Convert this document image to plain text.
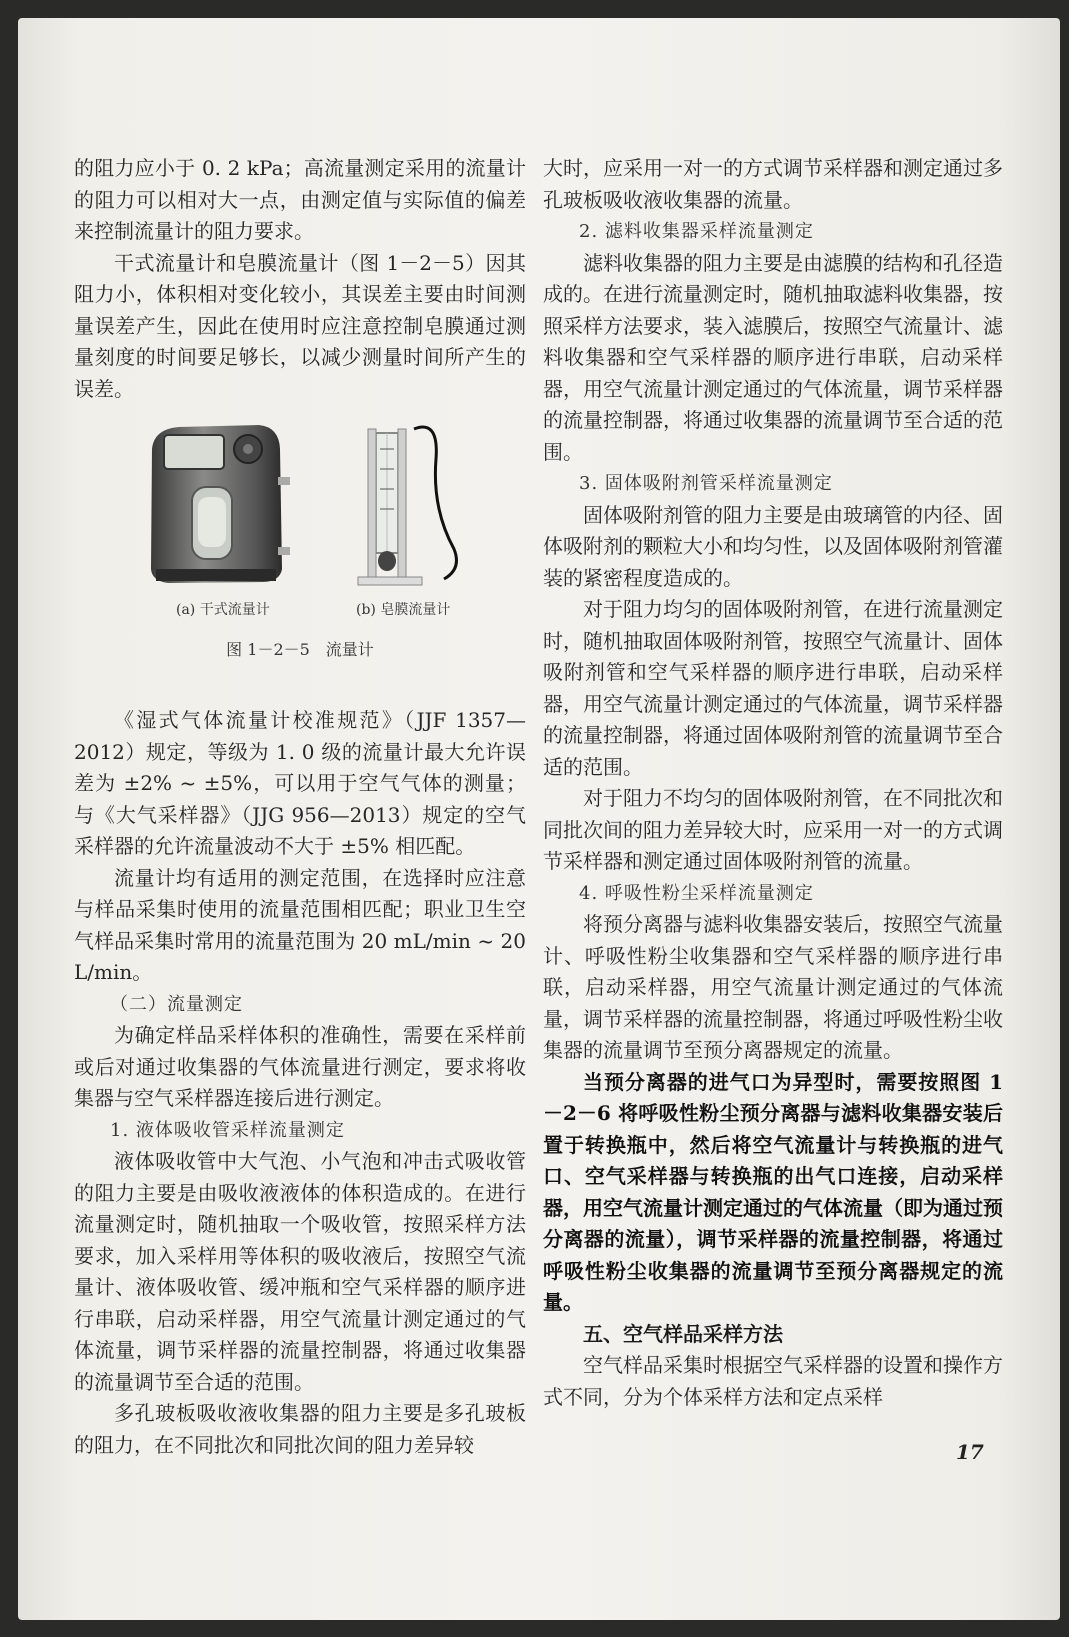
的阻力应小于 0. 2 kPa；高流量测定采用的流量计的阻力可以相对大一点，由测定值与实际值的偏差来控制流量计的阻力要求。

干式流量计和皂膜流量计（图 1－2－5）因其阻力小，体积相对变化较小，其误差主要由时间测量误差产生，因此在使用时应注意控制皂膜通过测量刻度的时间要足够长，以减少测量时间所产生的误差。

(a) 干式流量计	(b) 皂膜流量计
图 1－2－5　流量计

《湿式气体流量计校准规范》（JJF 1357—2012）规定，等级为 1. 0 级的流量计最大允许误差为 ±2% ~ ±5%，可以用于空气气体的测量；与《大气采样器》（JJG 956—2013）规定的空气采样器的允许流量波动不大于 ±5% 相匹配。

流量计均有适用的测定范围，在选择时应注意与样品采集时使用的流量范围相匹配；职业卫生空气样品采集时常用的流量范围为 20 mL/min ~ 20 L/min。

（二）流量测定

为确定样品采样体积的准确性，需要在采样前或后对通过收集器的气体流量进行测定，要求将收集器与空气采样器连接后进行测定。

1. 液体吸收管采样流量测定

液体吸收管中大气泡、小气泡和冲击式吸收管的阻力主要是由吸收液液体的体积造成的。在进行流量测定时，随机抽取一个吸收管，按照采样方法要求，加入采样用等体积的吸收液后，按照空气流量计、液体吸收管、缓冲瓶和空气采样器的顺序进行串联，启动采样器，用空气流量计测定通过的气体流量，调节采样器的流量控制器，将通过收集器的流量调节至合适的范围。

多孔玻板吸收液收集器的阻力主要是多孔玻板的阻力，在不同批次和同批次间的阻力差异较

大时，应采用一对一的方式调节采样器和测定通过多孔玻板吸收液收集器的流量。

2. 滤料收集器采样流量测定

滤料收集器的阻力主要是由滤膜的结构和孔径造成的。在进行流量测定时，随机抽取滤料收集器，按照采样方法要求，装入滤膜后，按照空气流量计、滤料收集器和空气采样器的顺序进行串联，启动采样器，用空气流量计测定通过的气体流量，调节采样器的流量控制器，将通过收集器的流量调节至合适的范围。

3. 固体吸附剂管采样流量测定

固体吸附剂管的阻力主要是由玻璃管的内径、固体吸附剂的颗粒大小和均匀性，以及固体吸附剂管灌装的紧密程度造成的。

对于阻力均匀的固体吸附剂管，在进行流量测定时，随机抽取固体吸附剂管，按照空气流量计、固体吸附剂管和空气采样器的顺序进行串联，启动采样器，用空气流量计测定通过的气体流量，调节采样器的流量控制器，将通过固体吸附剂管的流量调节至合适的范围。

对于阻力不均匀的固体吸附剂管，在不同批次和同批次间的阻力差异较大时，应采用一对一的方式调节采样器和测定通过固体吸附剂管的流量。

4. 呼吸性粉尘采样流量测定

将预分离器与滤料收集器安装后，按照空气流量计、呼吸性粉尘收集器和空气采样器的顺序进行串联，启动采样器，用空气流量计测定通过的气体流量，调节采样器的流量控制器，将通过呼吸性粉尘收集器的流量调节至预分离器规定的流量。

当预分离器的进气口为异型时，需要按照图 1－2－6 将呼吸性粉尘预分离器与滤料收集器安装后置于转换瓶中，然后将空气流量计与转换瓶的进气口、空气采样器与转换瓶的出气口连接，启动采样器，用空气流量计测定通过的气体流量（即为通过预分离器的流量），调节采样器的流量控制器，将通过呼吸性粉尘收集器的流量调节至预分离器规定的流量。

五、空气样品采样方法

空气样品采集时根据空气采样器的设置和操作方式不同，分为个体采样方法和定点采样

17
